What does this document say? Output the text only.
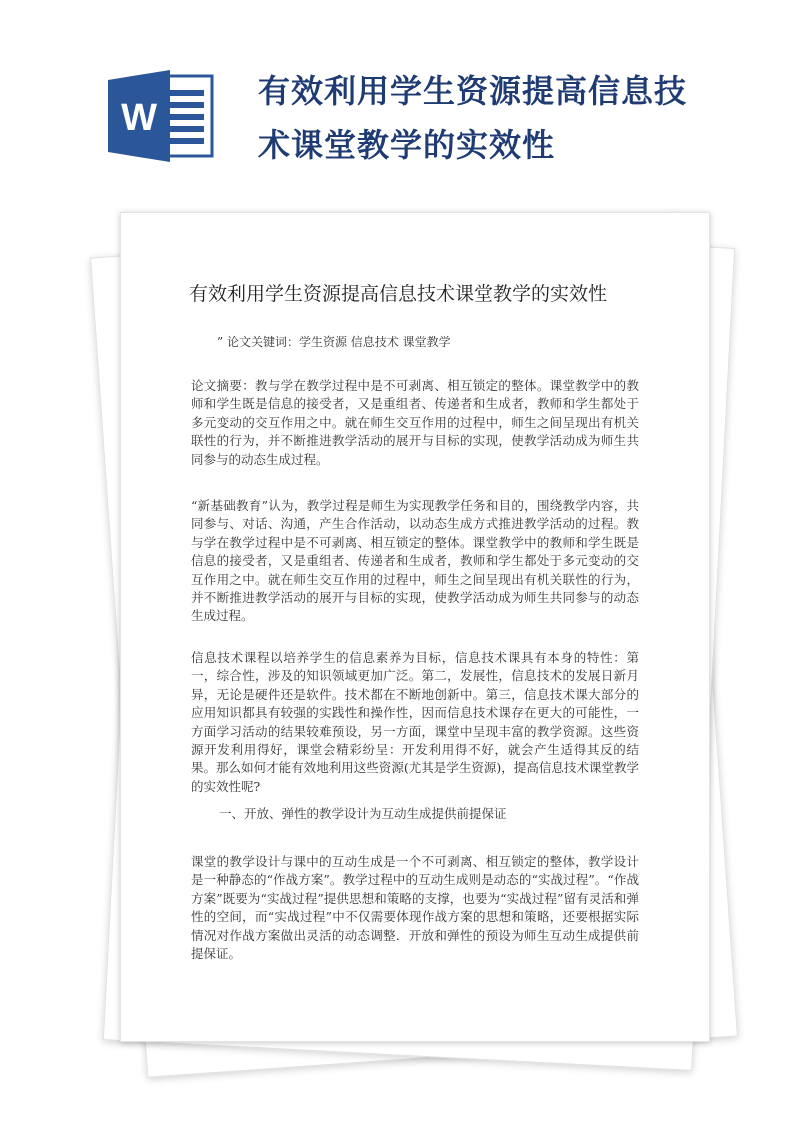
W
有效利用学生资源提高信息技术课堂教学的实效性
有效利用学生资源提高信息技术课堂教学的实效性
” 论文关键词：学生资源 信息技术 课堂教学
论文摘要：教与学在教学过程中是不可剥离、相互锁定的整体。课堂教学中的教师和学生既是信息的接受者，又是重组者、传递者和生成者，教师和学生都处于多元变动的交互作用之中。就在师生交互作用的过程中，师生之间呈现出有机关联性的行为，并不断推进教学活动的展开与目标的实现，使教学活动成为师生共同参与的动态生成过程。
“新基础教育”认为，教学过程是师生为实现教学任务和目的，围绕教学内容，共同参与、对话、沟通，产生合作活动，以动态生成方式推进教学活动的过程。教与学在教学过程中是不可剥离、相互锁定的整体。课堂教学中的教师和学生既是信息的接受者，又是重组者、传递者和生成者，教师和学生都处于多元变动的交互作用之中。就在师生交互作用的过程中，师生之间呈现出有机关联性的行为，并不断推进教学活动的展开与目标的实现，使教学活动成为师生共同参与的动态生成过程。
信息技术课程以培养学生的信息素养为目标，信息技术课具有本身的特性：第一，综合性，涉及的知识领域更加广泛。第二，发展性，信息技术的发展日新月异，无论是硬件还是软件。技术都在不断地创新中。第三，信息技术课大部分的应用知识都具有较强的实践性和操作性，因而信息技术课存在更大的可能性，一方面学习活动的结果较难预设，另一方面，课堂中呈现丰富的教学资源。这些资源开发利用得好，课堂会精彩纷呈：开发利用得不好，就会产生适得其反的结果。那么如何才能有效地利用这些资源(尤其是学生资源)，提高信息技术课堂教学的实效性呢?
一、开放、弹性的教学设计为互动生成提供前提保证
课堂的教学设计与课中的互动生成是一个不可剥离、相互锁定的整体，教学设计是一种静态的“作战方案”。教学过程中的互动生成则是动态的“实战过程”。“作战方案”既要为“实战过程”提供思想和策略的支撑，也要为“实战过程”留有灵活和弹性的空间，而“实战过程”中不仅需要体现作战方案的思想和策略，还要根据实际情况对作战方案做出灵活的动态调整．开放和弹性的预设为师生互动生成提供前提保证。
